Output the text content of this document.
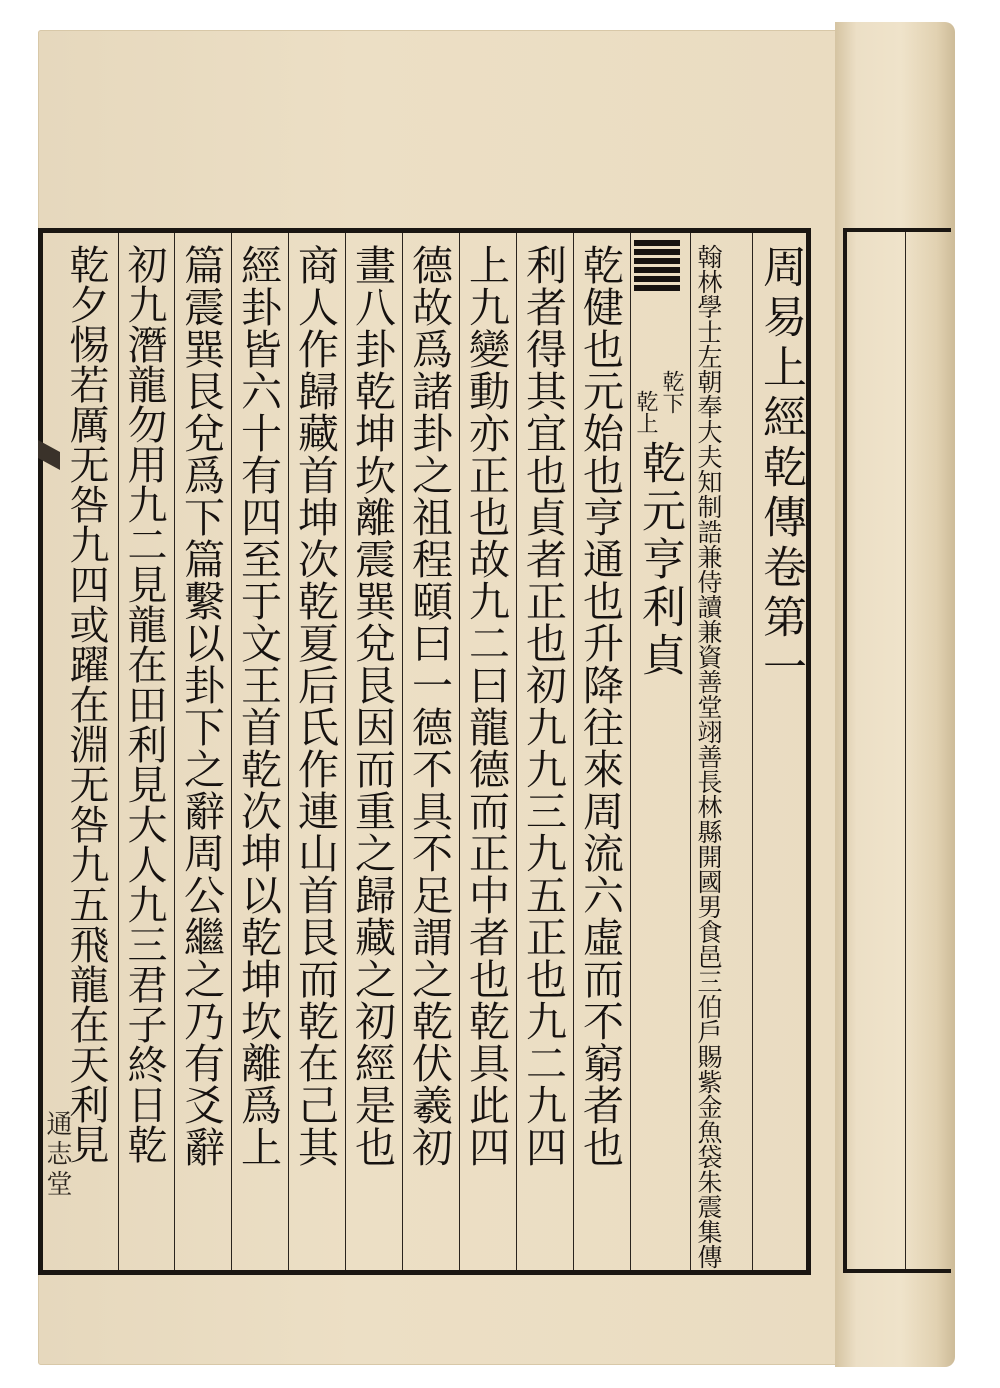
周易上經乾傳卷第一
翰林學士左朝奉大夫知制誥兼侍讀兼資善堂翊善長林縣開國男食邑三伯戶賜紫金魚袋朱震集傳
乾下
乾上
乾元亨利貞
乾健也元始也亨通也升降往來周流六虛而不窮者也
利者得其宜也貞者正也初九九三九五正也九二九四
上九變動亦正也故九二曰龍德而正中者也乾具此四
德故爲諸卦之祖程頤曰一德不具不足謂之乾伏羲初
畫八卦乾坤坎離震巽兌艮因而重之歸藏之初經是也
商人作歸藏首坤次乾夏后氏作連山首艮而乾在己其
經卦皆六十有四至于文王首乾次坤以乾坤坎離爲上
篇震巽艮兌爲下篇繫以卦下之辭周公繼之乃有爻辭
初九潛龍勿用九二見龍在田利見大人九三君子終日乾
乾夕惕若厲无咎九四或躍在淵无咎九五飛龍在天利見
通志堂
